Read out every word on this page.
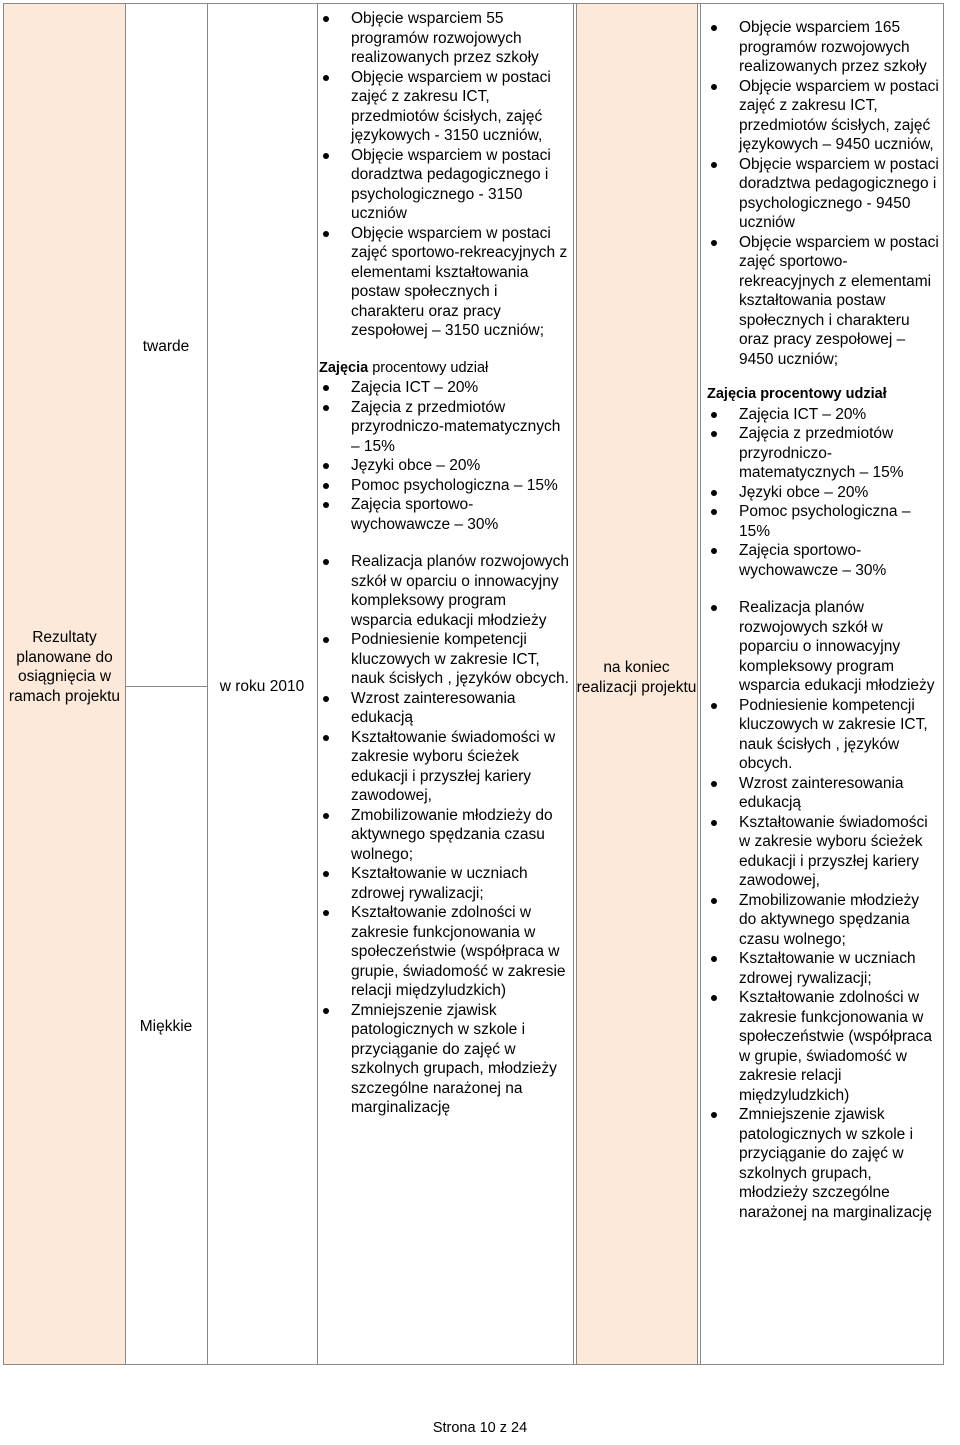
Rezultaty planowane do osiągnięcia w ramach projektu
twarde
Miękkie
w roku 2010
na koniec realizacji projektu
Objęcie wsparciem 55 programów rozwojowych realizowanych przez szkoły
Objęcie wsparciem w postaci zajęć z zakresu ICT, przedmiotów ścisłych, zajęć językowych - 3150 uczniów,
Objęcie wsparciem w postaci doradztwa pedagogicznego i psychologicznego - 3150 uczniów
Objęcie wsparciem w postaci zajęć sportowo-rekreacyjnych z elementami kształtowania postaw społecznych i charakteru oraz pracy zespołowej – 3150 uczniów;

Zajęcia procentowy udział

Zajęcia ICT – 20%
Zajęcia z przedmiotów przyrodniczo-matematycznych – 15%
Języki obce – 20%
Pomoc psychologiczna – 15%
Zajęcia sportowo-wychowawcze – 30%
Realizacja planów rozwojowych szkół w oparciu o innowacyjny kompleksowy program wsparcia edukacji młodzieży
Podniesienie kompetencji kluczowych w zakresie ICT, nauk ścisłych , języków obcych.
Wzrost zainteresowania edukacją
Kształtowanie świadomości w zakresie wyboru ścieżek edukacji i przyszłej kariery zawodowej,
Zmobilizowanie młodzieży do aktywnego spędzania czasu wolnego;
Kształtowanie w uczniach zdrowej rywalizacji;
Kształtowanie zdolności w zakresie funkcjonowania w społeczeństwie (współpraca w grupie, świadomość w zakresie relacji międzyludzkich)
Zmniejszenie zjawisk patologicznych w szkole i przyciąganie do zajęć w szkolnych grupach, młodzieży szczególne narażonej na marginalizację
Objęcie wsparciem 165 programów rozwojowych realizowanych przez szkoły
Objęcie wsparciem w postaci zajęć z zakresu ICT, przedmiotów ścisłych, zajęć językowych – 9450 uczniów,
Objęcie wsparciem w postaci doradztwa pedagogicznego i psychologicznego - 9450 uczniów
Objęcie wsparciem w postaci zajęć sportowo-rekreacyjnych z elementami kształtowania postaw społecznych i charakteru oraz pracy zespołowej – 9450 uczniów;

Zajęcia procentowy udział

Zajęcia ICT – 20%
Zajęcia z przedmiotów przyrodniczo-matematycznych – 15%
Języki obce – 20%
Pomoc psychologiczna – 15%
Zajęcia sportowo-wychowawcze – 30%
Realizacja planów rozwojowych szkół w poparciu o innowacyjny kompleksowy program wsparcia edukacji młodzieży
Podniesienie kompetencji kluczowych w zakresie ICT, nauk ścisłych , języków obcych.
Wzrost zainteresowania edukacją
Kształtowanie świadomości w zakresie wyboru ścieżek edukacji i przyszłej kariery zawodowej,
Zmobilizowanie młodzieży do aktywnego spędzania czasu wolnego;
Kształtowanie w uczniach zdrowej rywalizacji;
Kształtowanie zdolności w zakresie funkcjonowania w społeczeństwie (współpraca w grupie, świadomość w zakresie relacji międzyludzkich)
Zmniejszenie zjawisk patologicznych w szkole i przyciąganie do zajęć w szkolnych grupach, młodzieży szczególne narażonej na marginalizację
Strona 10 z 24
